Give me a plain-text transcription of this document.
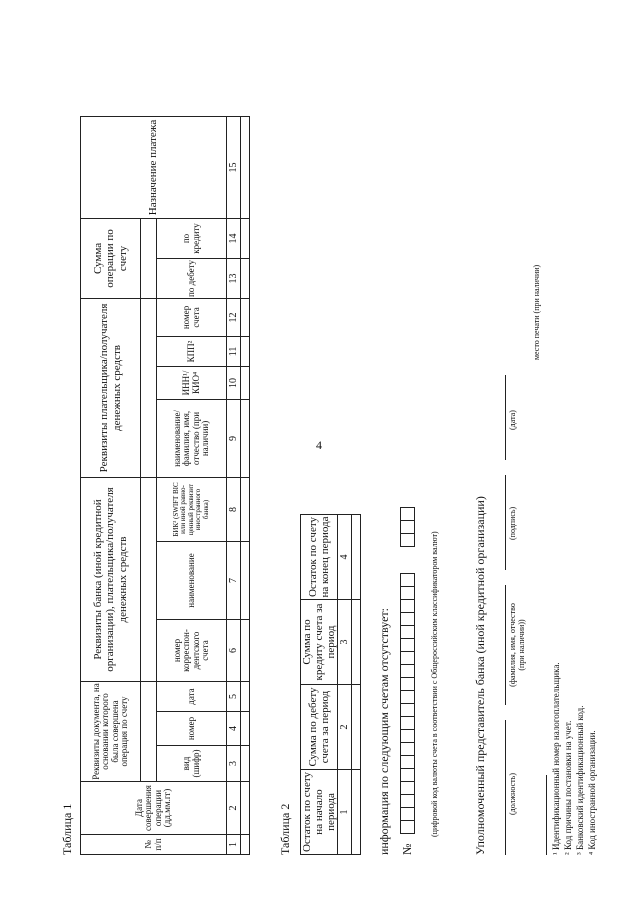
4
Таблица 1	№ п/п	Дата совершения операции (дд.мм.гг)	Реквизиты документа, на основании которого была совершена операция по счету			Реквизиты банка (иной кредитной организации), плательщика/получателя денежных средств			Реквизиты плательщика/получателя денежных средств				Сумма операции по счету		Назначение платежа

		вид (шифр)	номер	дата	номер корреспон-дентского счета	наименование	БИК³ (SWIFT BIC или иной равно-ценный реквизит иностранного банка)	наименование/ фамилия, имя, отчество (при наличии)	ИНН¹/ КИО⁴	КПП²	номер счета	по дебету	по кредиту	
1	2	3	4	5	6	7	8	9	10	11	12	13	14	15

Таблица 2 Остаток по счету на начало периода	Сумма по дебету счета за период	Сумма по кредиту счета за период	Остаток по счету на конец периода
1	2	3	4

информация по следующим счетам отсутствует: №
(цифровой код валюты счета в соответствии с Общероссийским классификатором валют)	Уполномоченный представитель банка (иной кредитной организации)	(должность)
(фамилия, имя, отчество (при наличии))
(подпись)
(дата)
место печати (при наличии)
¹ Идентификационный номер налогоплательщика. ² Код причины постановки на учет. ³ Банковский идентификационный код. ⁴ Код иностранной организации.
